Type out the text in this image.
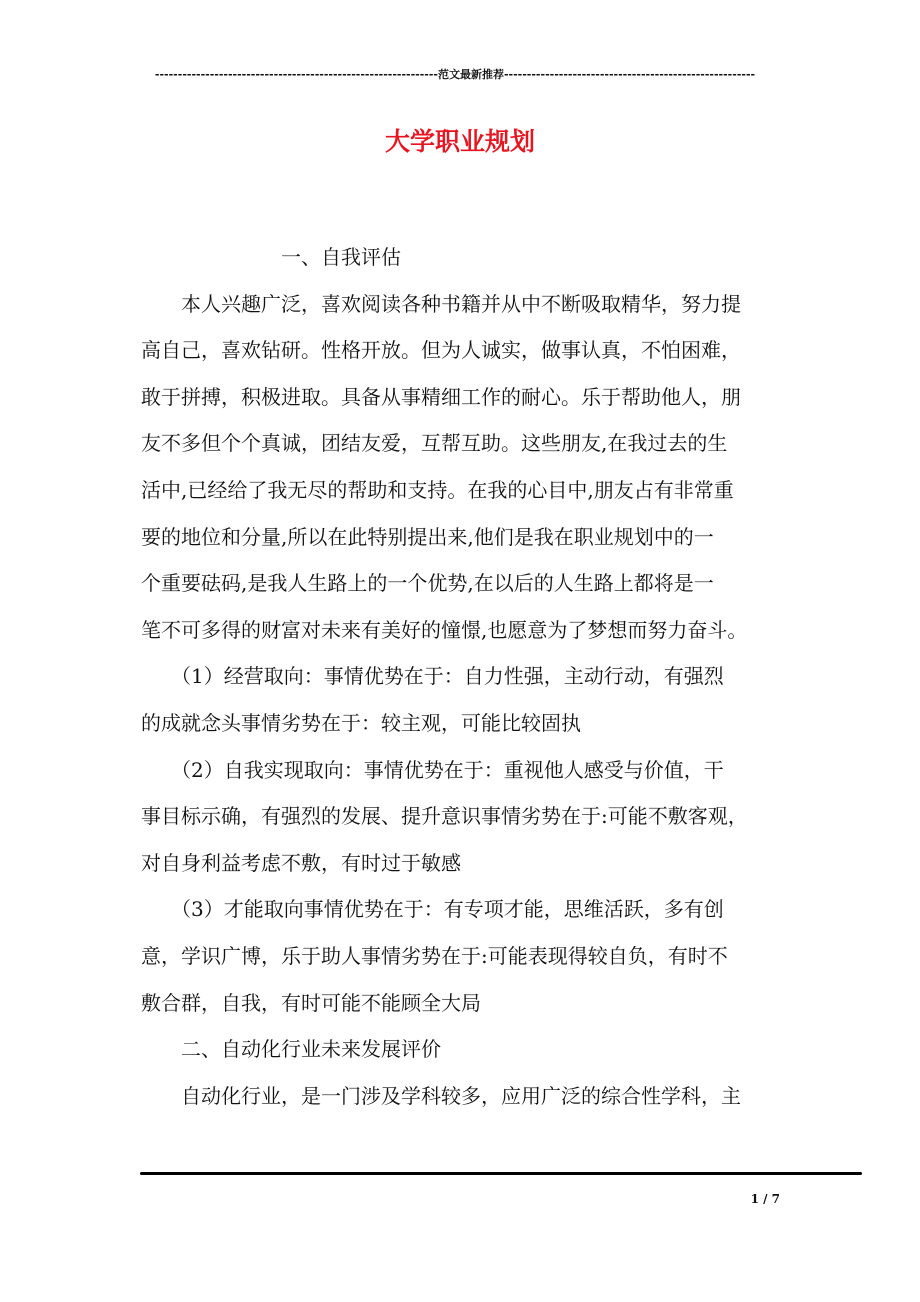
--------------------------------------------------------------范文最新推荐-------------------------------------------------------
大学职业规划
　　　　　　　一、自我评估
　　本人兴趣广泛，喜欢阅读各种书籍并从中不断吸取精华，努力提
高自己，喜欢钻研。性格开放。但为人诚实，做事认真，不怕困难，
敢于拼搏，积极进取。具备从事精细工作的耐心。乐于帮助他人，朋
友不多但个个真诚，团结友爱，互帮互助。这些朋友,在我过去的生
活中,已经给了我无尽的帮助和支持。在我的心目中,朋友占有非常重
要的地位和分量,所以在此特别提出来,他们是我在职业规划中的一
个重要砝码,是我人生路上的一个优势,在以后的人生路上都将是一
笔不可多得的财富对未来有美好的憧憬,也愿意为了梦想而努力奋斗。
　　（1）经营取向：事情优势在于：自力性强，主动行动，有强烈
的成就念头事情劣势在于：较主观，可能比较固执
　　（2）自我实现取向：事情优势在于：重视他人感受与价值，干
事目标示确，有强烈的发展、提升意识事情劣势在于:可能不敷客观，
对自身利益考虑不敷，有时过于敏感
　　（3）才能取向事情优势在于：有专项才能，思维活跃，多有创
意，学识广博，乐于助人事情劣势在于:可能表现得较自负，有时不
敷合群，自我，有时可能不能顾全大局
　　二、自动化行业未来发展评价
　　自动化行业，是一门涉及学科较多，应用广泛的综合性学科，主
1 / 7
